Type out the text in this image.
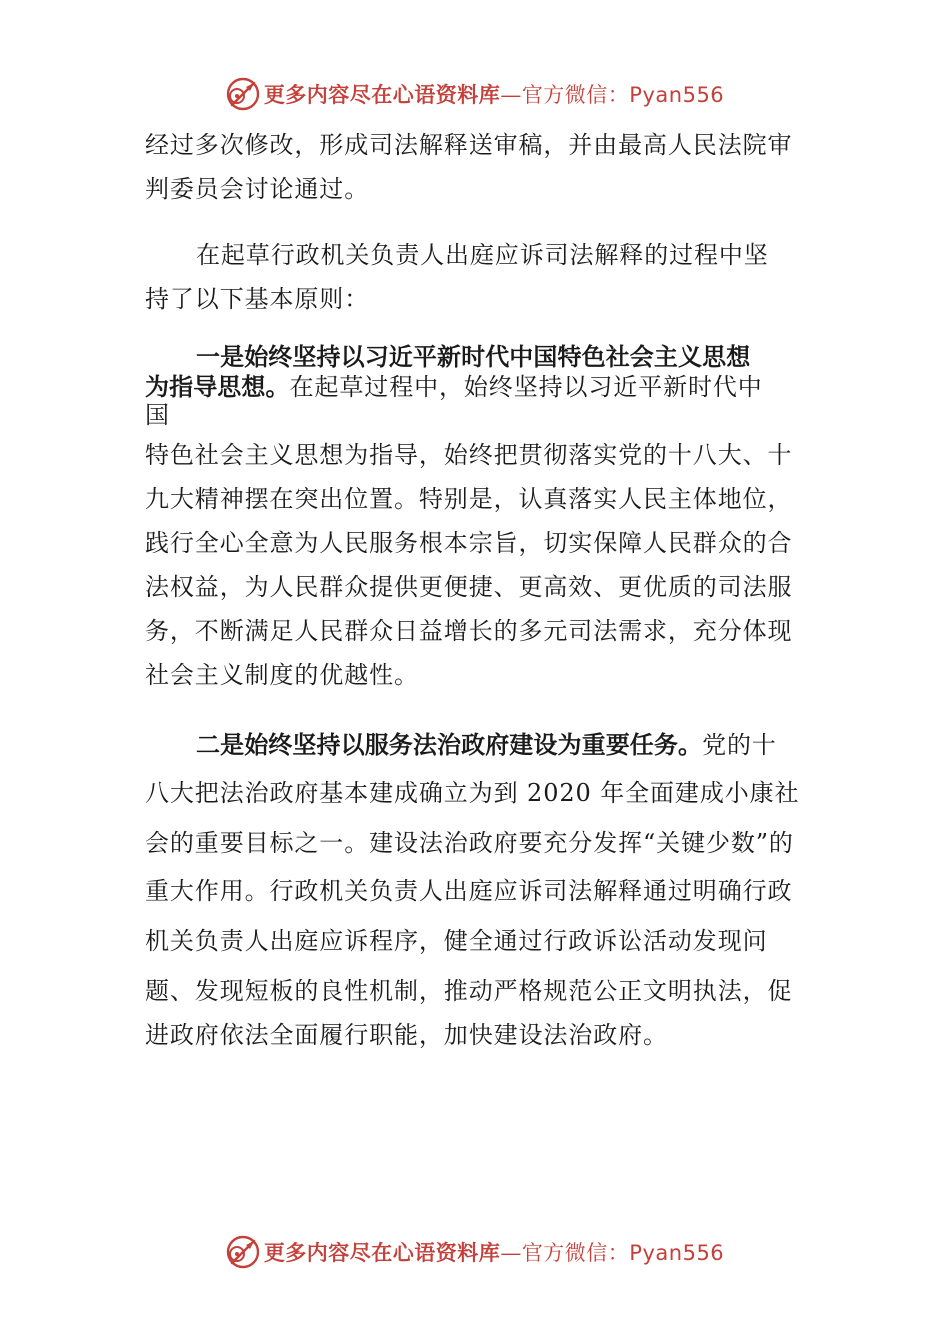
更多内容尽在心语资料库—官方微信：Pyan556
经过多次修改，形成司法解释送审稿，并由最高人民法院审
判委员会讨论通过。
在起草行政机关负责人出庭应诉司法解释的过程中坚
持了以下基本原则：
一是始终坚持以习近平新时代中国特色社会主义思想
为指导思想。在起草过程中，始终坚持以习近平新时代中
国
特色社会主义思想为指导，始终把贯彻落实党的十八大、十
九大精神摆在突出位置。特别是，认真落实人民主体地位，
践行全心全意为人民服务根本宗旨，切实保障人民群众的合
法权益，为人民群众提供更便捷、更高效、更优质的司法服
务，不断满足人民群众日益增长的多元司法需求，充分体现
社会主义制度的优越性。
二是始终坚持以服务法治政府建设为重要任务。党的十
八大把法治政府基本建成确立为到 2020 年全面建成小康社
会的重要目标之一。建设法治政府要充分发挥“关键少数”的
重大作用。行政机关负责人出庭应诉司法解释通过明确行政
机关负责人出庭应诉程序，健全通过行政诉讼活动发现问
题、发现短板的良性机制，推动严格规范公正文明执法，促
进政府依法全面履行职能，加快建设法治政府。
更多内容尽在心语资料库—官方微信：Pyan556
